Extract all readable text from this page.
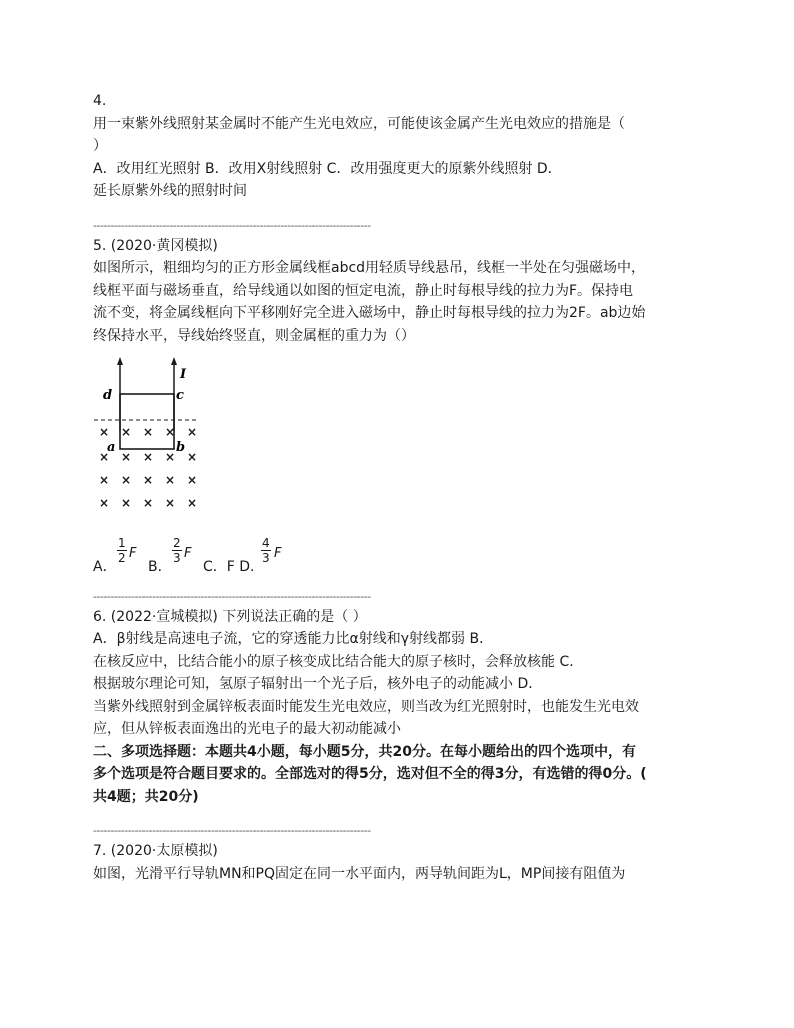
4.
用一束紫外线照射某金属时不能产生光电效应，可能使该金属产生光电效应的措施是（
）
A．改用红光照射 B．改用X射线照射 C．改用强度更大的原紫外线照射 D．
延长原紫外线的照射时间
--------------------------------------------------------------------------------
5. (2020·黄冈模拟)
如图所示，粗细均匀的正方形金属线框abcd用轻质导线悬吊，线框一半处在匀强磁场中，
线框平面与磁场垂直，给导线通以如图的恒定电流，静止时每根导线的拉力为F。保持电
流不变，将金属线框向下平移刚好完全进入磁场中，静止时每根导线的拉力为2F。ab边始
终保持水平，导线始终竖直，则金属框的重力为（）
I
d	c
a	b
× × × × ×
× × × × ×
× × × × ×
× × × × ×
A．
$\frac{1}{2}$ F
B．
$\frac{2}{3}$ F
C．F D．
$\frac{4}{3}$ F
--------------------------------------------------------------------------------
6. (2022·宣城模拟) 下列说法正确的是（ ）
A．β射线是高速电子流，它的穿透能力比α射线和γ射线都弱 B．
在核反应中，比结合能小的原子核变成比结合能大的原子核时，会释放核能 C．
根据玻尔理论可知，氢原子辐射出一个光子后，核外电子的动能减小 D．
当紫外线照射到金属锌板表面时能发生光电效应，则当改为红光照射时，也能发生光电效
应，但从锌板表面逸出的光电子的最大初动能减小
二、多项选择题：本题共4小题，每小题5分，共20分。在每小题给出的四个选项中，有
多个选项是符合题目要求的。全部选对的得5分，选对但不全的得3分，有选错的得0分。(
共4题；共20分)
--------------------------------------------------------------------------------
7. (2020·太原模拟)
如图，光滑平行导轨MN和PQ固定在同一水平面内，两导轨间距为L，MP间接有阻值为
